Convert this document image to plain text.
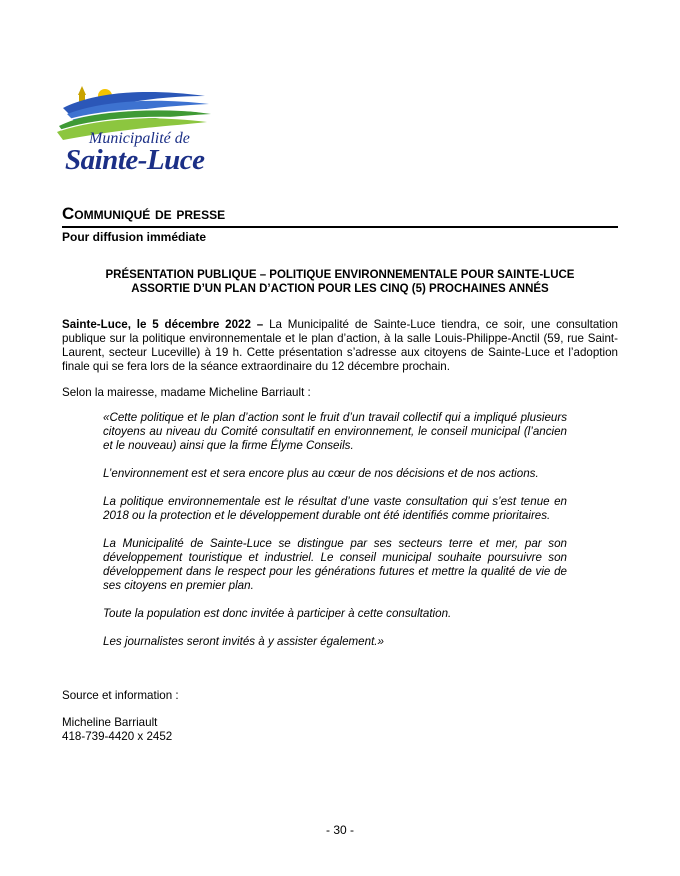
Municipalité de
Sainte-Luce
Communiqué de presse
Pour diffusion immédiate
PRÉSENTATION PUBLIQUE – POLITIQUE ENVIRONNEMENTALE POUR SAINTE-LUCE
ASSORTIE D’UN PLAN D’ACTION POUR LES CINQ (5) PROCHAINES ANNÉS
Sainte-Luce, le 5 décembre 2022 – La Municipalité de Sainte-Luce tiendra, ce soir, une consultation publique sur la politique environnementale et le plan d’action, à la salle Louis-Philippe-Anctil (59, rue Saint-Laurent, secteur Luceville) à 19 h. Cette présentation s’adresse aux citoyens de Sainte-Luce et l’adoption finale qui se fera lors de la séance extraordinaire du 12 décembre prochain.
Selon la mairesse, madame Micheline Barriault :

«Cette politique et le plan d’action sont le fruit d’un travail collectif qui a impliqué plusieurs citoyens au niveau du Comité consultatif en environnement, le conseil municipal (l’ancien et le nouveau) ainsi que la firme Élyme Conseils.

L’environnement est et sera encore plus au cœur de nos décisions et de nos actions.

La politique environnementale est le résultat d’une vaste consultation qui s’est tenue en 2018 ou la protection et le développement durable ont été identifiés comme prioritaires.

La Municipalité de Sainte-Luce se distingue par ses secteurs terre et mer, par son développement touristique et industriel. Le conseil municipal souhaite poursuivre son développement dans le respect pour les générations futures et mettre la qualité de vie de ses citoyens en premier plan.

Toute la population est donc invitée à participer à cette consultation.

Les journalistes seront invités à y assister également.»

Source et information :
Micheline Barriault
418-739-4420 x 2452
- 30 -
